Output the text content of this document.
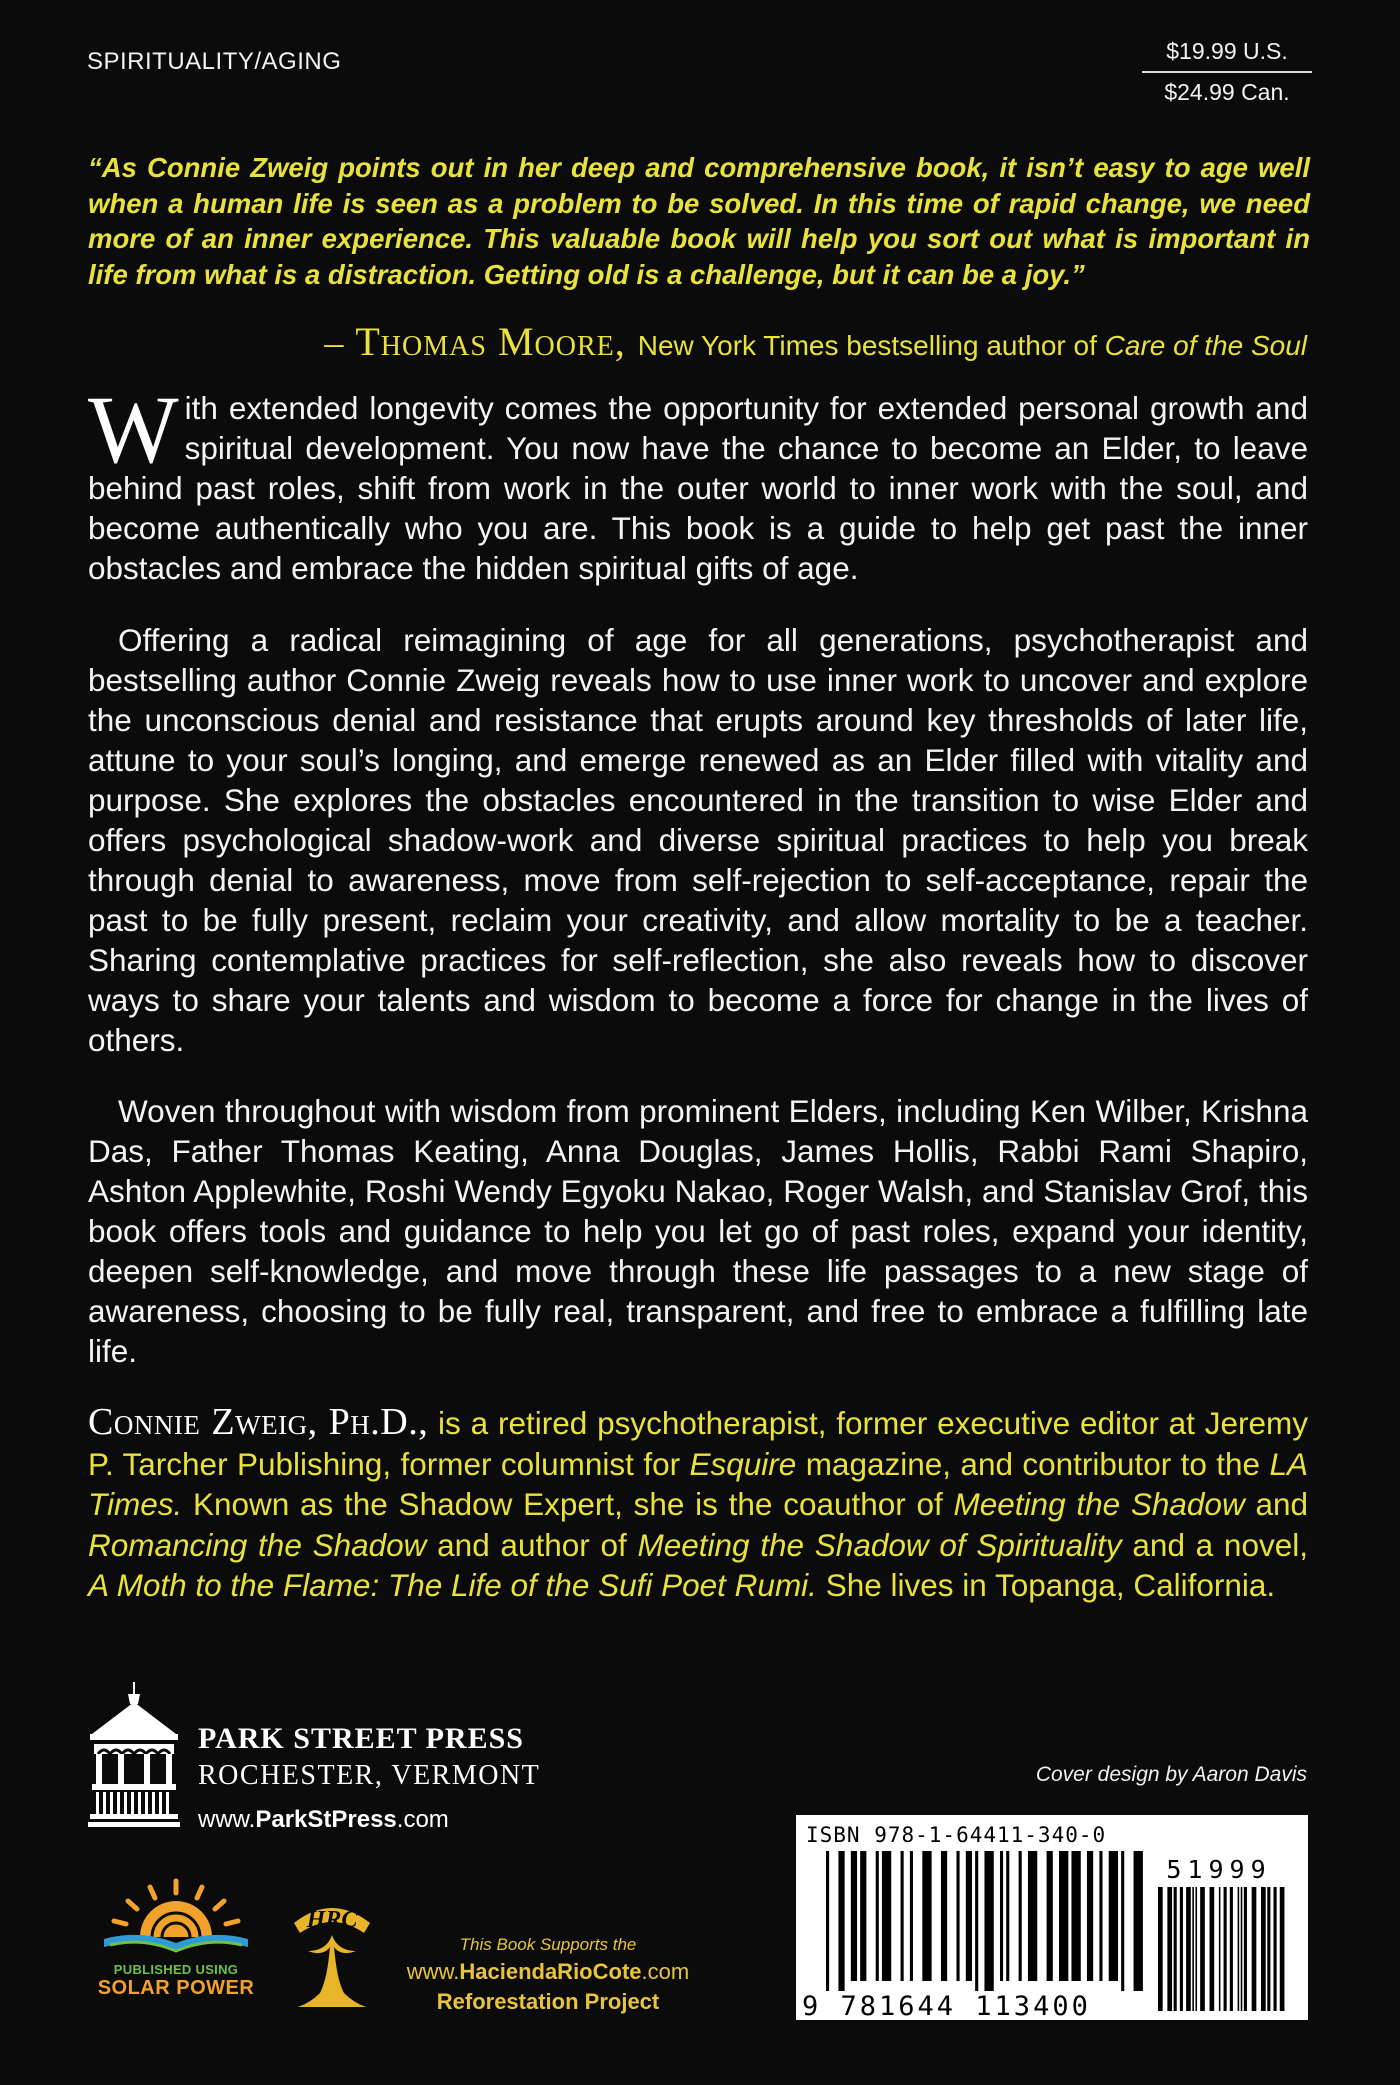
SPIRITUALITY/AGING	$19.99 U.S.
$24.99 Can.
“As Connie Zweig points out in her deep and comprehensive book, it isn’t easy to age well when a human life is seen as a problem to be solved. In this time of rapid change, we need more of an inner experience. This valuable book will help you sort out what is important in life from what is a distraction. Getting old is a challenge, but it can be a joy.”
– Thomas Moore, New York Times bestselling author of Care of the Soul
With extended longevity comes the opportunity for extended personal growth and spiritual development. You now have the chance to become an Elder, to leave behind past roles, shift from work in the outer world to inner work with the soul, and become authentically who you are. This book is a guide to help get past the inner obstacles and embrace the hidden spiritual gifts of age.
Offering a radical reimagining of age for all generations, psychotherapist and bestselling author Connie Zweig reveals how to use inner work to uncover and explore the unconscious denial and resistance that erupts around key thresholds of later life, attune to your soul’s longing, and emerge renewed as an Elder filled with vitality and purpose. She explores the obstacles encountered in the transition to wise Elder and offers psychological shadow-work and diverse spiritual practices to help you break through denial to awareness, move from self-rejection to self-acceptance, repair the past to be fully present, reclaim your creativity, and allow mortality to be a teacher. Sharing contemplative practices for self-reflection, she also reveals how to discover ways to share your talents and wisdom to become a force for change in the lives of others.
Woven throughout with wisdom from prominent Elders, including Ken Wilber, Krishna Das, Father Thomas Keating, Anna Douglas, James Hollis, Rabbi Rami Shapiro, Ashton Applewhite, Roshi Wendy Egyoku Nakao, Roger Walsh, and Stanislav Grof, this book offers tools and guidance to help you let go of past roles, expand your identity, deepen self-knowledge, and move through these life passages to a new stage of awareness, choosing to be fully real, transparent, and free to embrace a fulfilling late life.
Connie Zweig, Ph.D., is a retired psychotherapist, former executive editor at Jeremy P. Tarcher Publishing, former columnist for Esquire magazine, and contributor to the LA Times. Known as the Shadow Expert, she is the coauthor of Meeting the Shadow and Romancing the Shadow and author of Meeting the Shadow of Spirituality and a novel, A Moth to the Flame: The Life of the Sufi Poet Rumi. She lives in Topanga, California.
PARK STREET PRESS
ROCHESTER, VERMONT
www.ParkStPress.com
Cover design by Aaron Davis
PUBLISHED USING
SOLAR POWER
HRC
This Book Supports the
www.HaciendaRioCote.com
Reforestation Project
ISBN 978-1-64411-340-0
9 781644 113400
51999
